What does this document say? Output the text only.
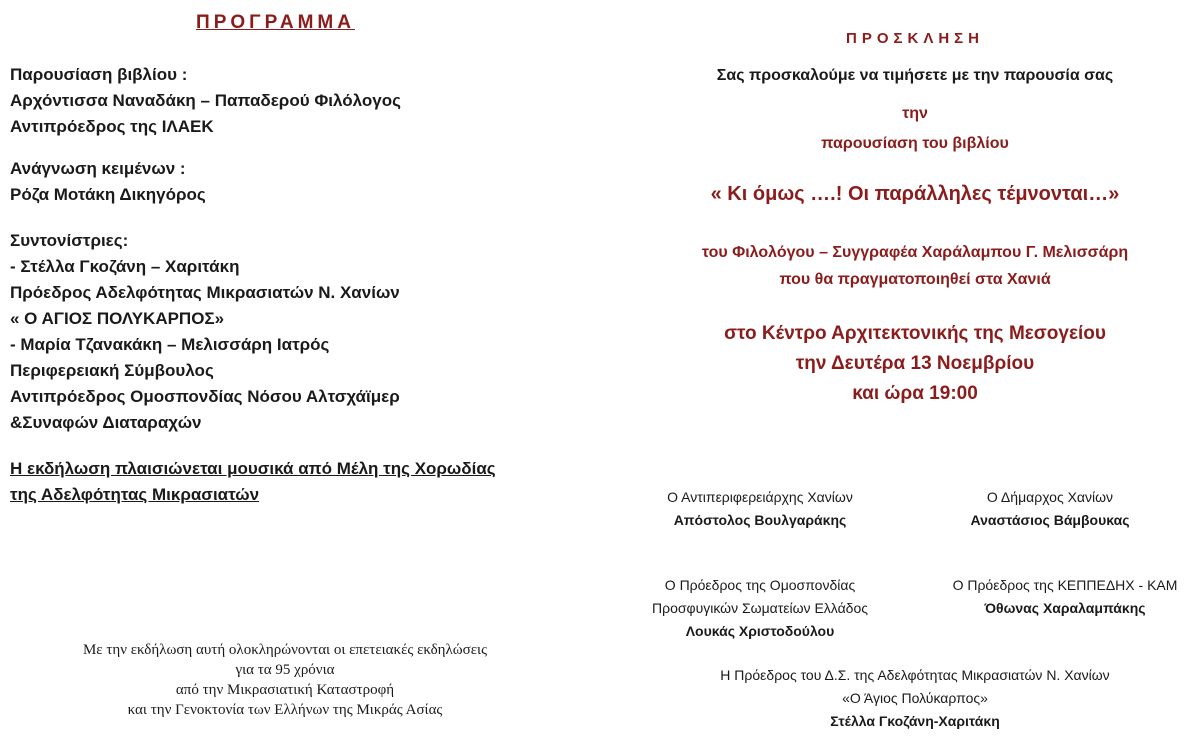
ΠΡΟΓΡΑΜΜΑ
Παρουσίαση βιβλίου :
Αρχόντισσα Ναναδάκη – Παπαδερού Φιλόλογος
Αντιπρόεδρος της ΙΛΑΕΚ
Ανάγνωση κειμένων :
Ρόζα Μοτάκη Δικηγόρος
Συντονίστριες:
- Στέλλα Γκοζάνη – Χαριτάκη
Πρόεδρος Αδελφότητας Μικρασιατών Ν. Χανίων
« Ο ΑΓΙΟΣ ΠΟΛΥΚΑΡΠΟΣ»
- Μαρία Τζανακάκη – Μελισσάρη Ιατρός
Περιφερειακή Σύμβουλος
Αντιπρόεδρος Ομοσπονδίας Νόσου Αλτσχάϊμερ
&Συναφών Διαταραχών
Η εκδήλωση πλαισιώνεται μουσικά από Μέλη της Χορωδίας
της Αδελφότητας Μικρασιατών
Με την εκδήλωση αυτή ολοκληρώνονται οι επετειακές εκδηλώσεις
για τα 95 χρόνια
από την Μικρασιατική Καταστροφή
και την Γενοκτονία των Ελλήνων της Μικράς Ασίας
ΠΡΟΣΚΛΗΣΗ
Σας προσκαλούμε να τιμήσετε με την παρουσία σας
την
παρουσίαση του βιβλίου
« Κι όμως ….! Οι παράλληλες τέμνονται…»
του Φιλολόγου – Συγγραφέα Χαράλαμπου Γ. Μελισσάρη
που θα πραγματοποιηθεί στα Χανιά
στο Κέντρο Αρχιτεκτονικής της Μεσογείου
την Δευτέρα 13 Νοεμβρίου
και ώρα 19:00
Ο Αντιπεριφερειάρχης Χανίων
Απόστολος Βουλγαράκης
Ο Δήμαρχος Χανίων
Αναστάσιος Βάμβουκας
Ο Πρόεδρος της Ομοσπονδίας
Προσφυγικών Σωματείων Ελλάδος
Λουκάς Χριστοδούλου
Ο Πρόεδρος της ΚΕΠΠΕΔΗΧ - ΚΑΜ
Όθωνας Χαραλαμπάκης
Η Πρόεδρος του Δ.Σ. της Αδελφότητας Μικρασιατών Ν. Χανίων
«Ο Άγιος Πολύκαρπος»
Στέλλα Γκοζάνη-Χαριτάκη
